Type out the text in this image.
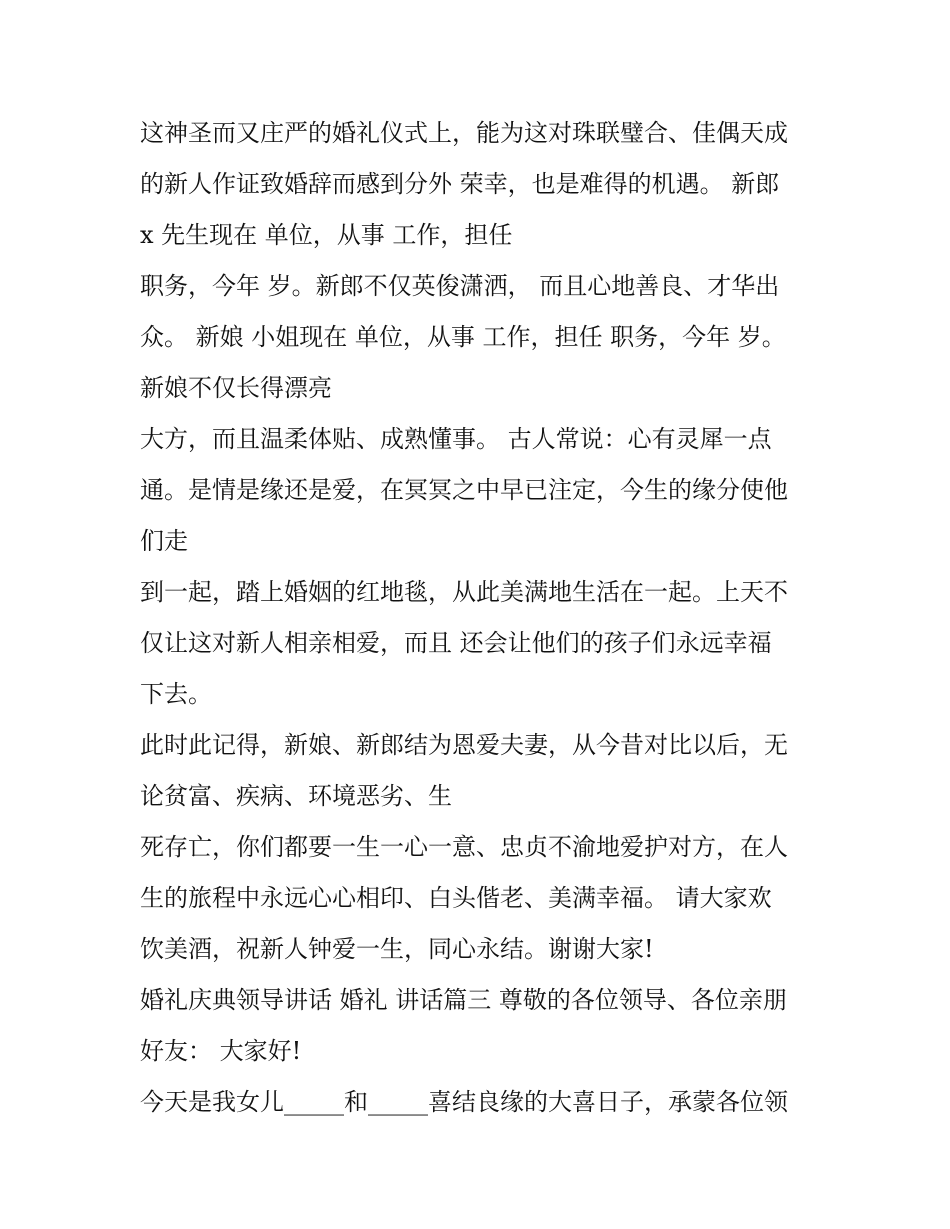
这神圣而又庄严的婚礼仪式上，能为这对珠联璧合、佳偶天成
的新人作证致婚辞而感到分外 荣幸，也是难得的机遇。 新郎
x 先生现在 单位，从事 工作，担任
职务，今年 岁。新郎不仅英俊潇洒， 而且心地善良、才华出
众。 新娘 小姐现在 单位，从事 工作，担任 职务，今年 岁。
新娘不仅长得漂亮
大方，而且温柔体贴、成熟懂事。 古人常说：心有灵犀一点
通。是情是缘还是爱，在冥冥之中早已注定，今生的缘分使他
们走
到一起，踏上婚姻的红地毯，从此美满地生活在一起。上天不
仅让这对新人相亲相爱，而且 还会让他们的孩子们永远幸福
下去。
此时此记得，新娘、新郎结为恩爱夫妻，从今昔对比以后，无
论贫富、疾病、环境恶劣、生
死存亡，你们都要一生一心一意、忠贞不渝地爱护对方，在人
生的旅程中永远心心相印、白头偕老、美满幸福。 请大家欢
饮美酒，祝新人钟爱一生，同心永结。谢谢大家!
婚礼庆典领导讲话 婚礼 讲话篇三 尊敬的各位领导、各位亲朋
好友： 大家好!
今天是我女儿_____和_____喜结良缘的大喜日子，承蒙各位领
